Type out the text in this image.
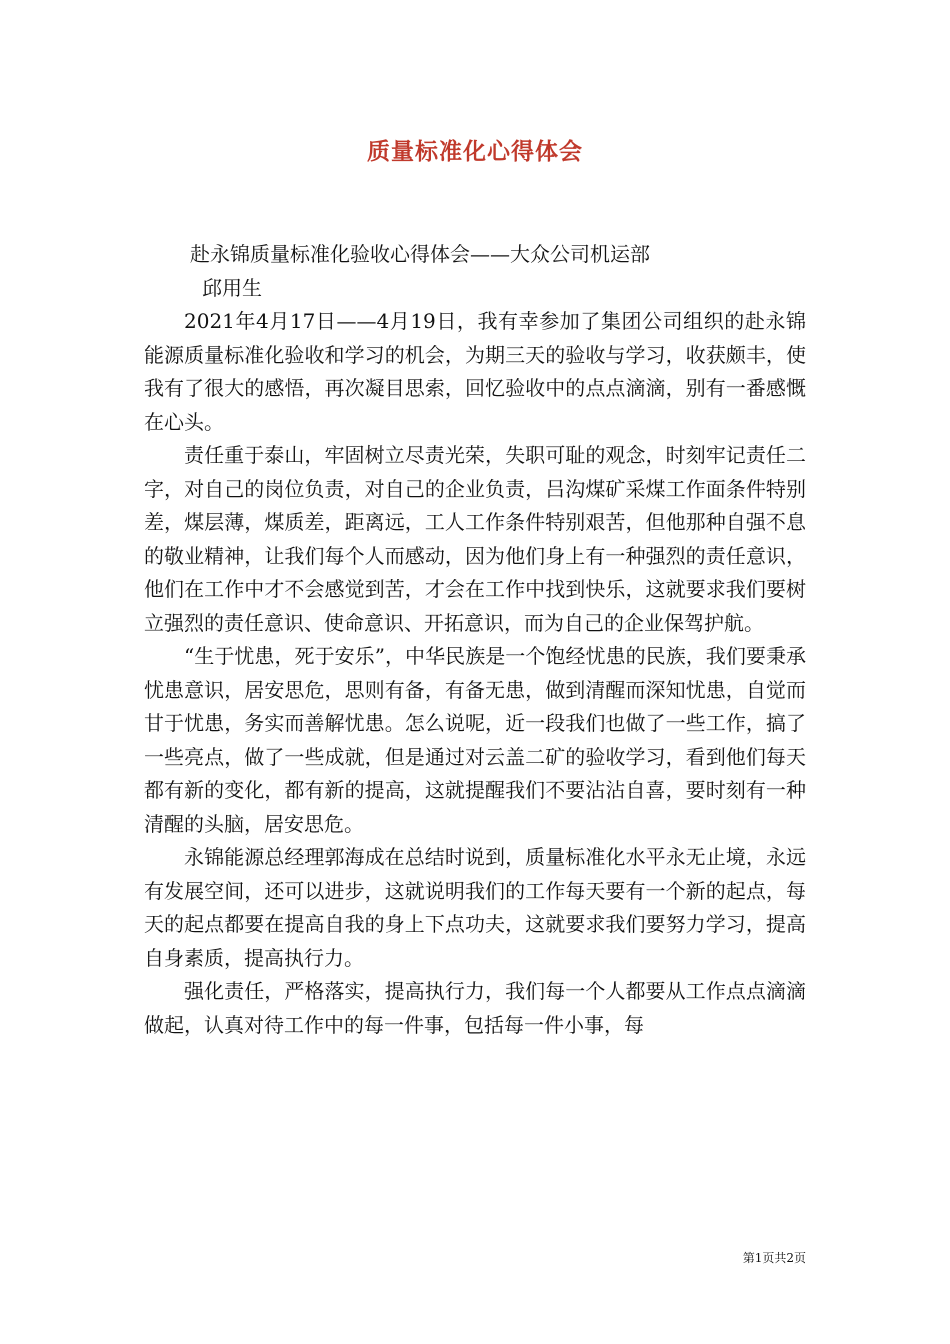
质量标准化心得体会

赴永锦质量标准化验收心得体会——大众公司机运部

邱用生

2021年4月17日——4月19日，我有幸参加了集团公司组织的赴永锦能源质量标准化验收和学习的机会，为期三天的验收与学习，收获颇丰，使我有了很大的感悟，再次凝目思索，回忆验收中的点点滴滴，别有一番感慨在心头。

责任重于泰山，牢固树立尽责光荣，失职可耻的观念，时刻牢记责任二字，对自己的岗位负责，对自己的企业负责，吕沟煤矿采煤工作面条件特别差，煤层薄，煤质差，距离远，工人工作条件特别艰苦，但他那种自强不息的敬业精神，让我们每个人而感动，因为他们身上有一种强烈的责任意识，他们在工作中才不会感觉到苦，才会在工作中找到快乐，这就要求我们要树立强烈的责任意识、使命意识、开拓意识，而为自己的企业保驾护航。

“生于忧患，死于安乐”，中华民族是一个饱经忧患的民族，我们要秉承忧患意识，居安思危，思则有备，有备无患，做到清醒而深知忧患，自觉而甘于忧患，务实而善解忧患。怎么说呢，近一段我们也做了一些工作，搞了一些亮点，做了一些成就，但是通过对云盖二矿的验收学习，看到他们每天都有新的变化，都有新的提高，这就提醒我们不要沾沾自喜，要时刻有一种清醒的头脑，居安思危。

永锦能源总经理郭海成在总结时说到，质量标准化水平永无止境，永远有发展空间，还可以进步，这就说明我们的工作每天要有一个新的起点，每天的起点都要在提高自我的身上下点功夫，这就要求我们要努力学习，提高自身素质，提高执行力。

强化责任，严格落实，提高执行力，我们每一个人都要从工作点点滴滴做起，认真对待工作中的每一件事，包括每一件小事，每

第1页共2页
